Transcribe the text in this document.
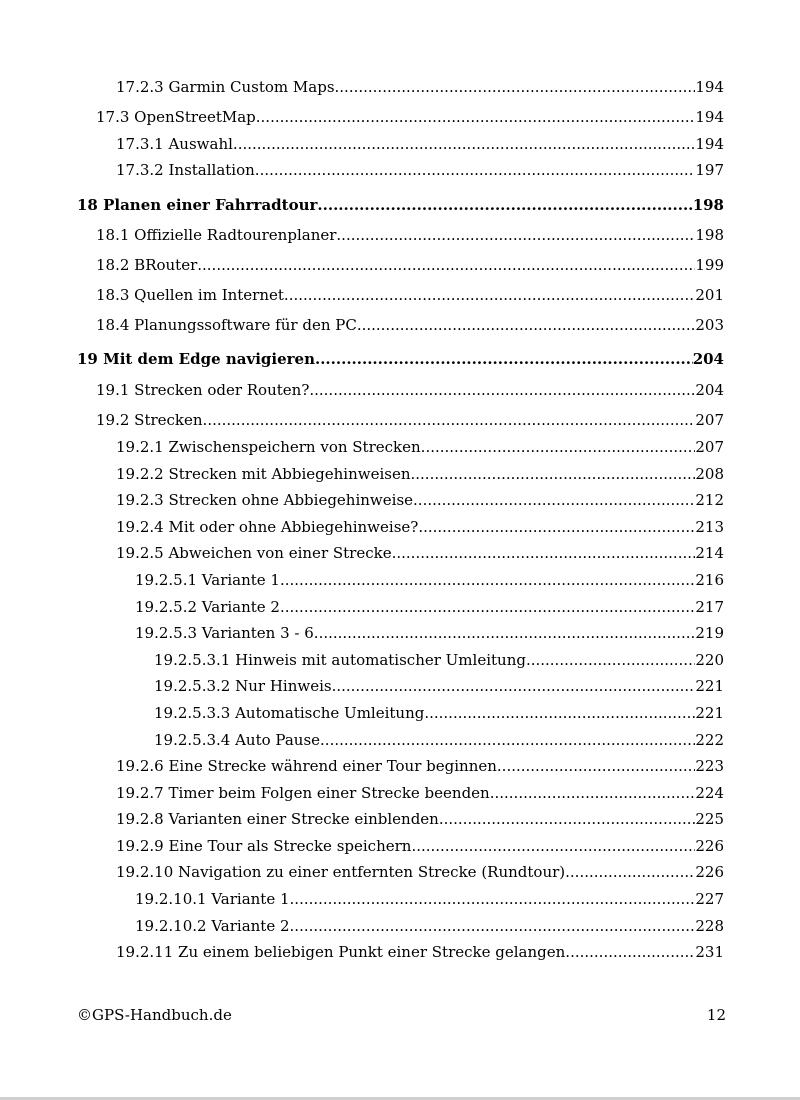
17.2.3 Garmin Custom Maps .....	194
17.3 OpenStreetMap .....	194
17.3.1 Auswahl .....	194
17.3.2 Installation .....	197
18 Planen einer Fahrradtour .....	198
18.1 Offizielle Radtourenplaner .....	198
18.2 BRouter .....	199
18.3 Quellen im Internet .....	201
18.4 Planungssoftware für den PC .....	203
19 Mit dem Edge navigieren .....	204
19.1 Strecken oder Routen? .....	204
19.2 Strecken .....	207
19.2.1 Zwischenspeichern von Strecken .....	207
19.2.2 Strecken mit Abbiegehinweisen .....	208
19.2.3 Strecken ohne Abbiegehinweise .....	212
19.2.4 Mit oder ohne Abbiegehinweise? .....	213
19.2.5 Abweichen von einer Strecke .....	214
19.2.5.1 Variante 1 .....	216
19.2.5.2 Variante 2 .....	217
19.2.5.3 Varianten 3 - 6 .....	219
19.2.5.3.1 Hinweis mit automatischer Umleitung .....	220
19.2.5.3.2 Nur Hinweis .....	221
19.2.5.3.3 Automatische Umleitung .....	221
19.2.5.3.4 Auto Pause .....	222
19.2.6 Eine Strecke während einer Tour beginnen .....	223
19.2.7 Timer beim Folgen einer Strecke beenden .....	224
19.2.8 Varianten einer Strecke einblenden .....	225
19.2.9 Eine Tour als Strecke speichern .....	226
19.2.10 Navigation zu einer entfernten Strecke (Rundtour) .....	226
19.2.10.1 Variante 1 .....	227
19.2.10.2 Variante 2 .....	228
19.2.11 Zu einem beliebigen Punkt einer Strecke gelangen .....	231
©GPS-Handbuch.de	12
